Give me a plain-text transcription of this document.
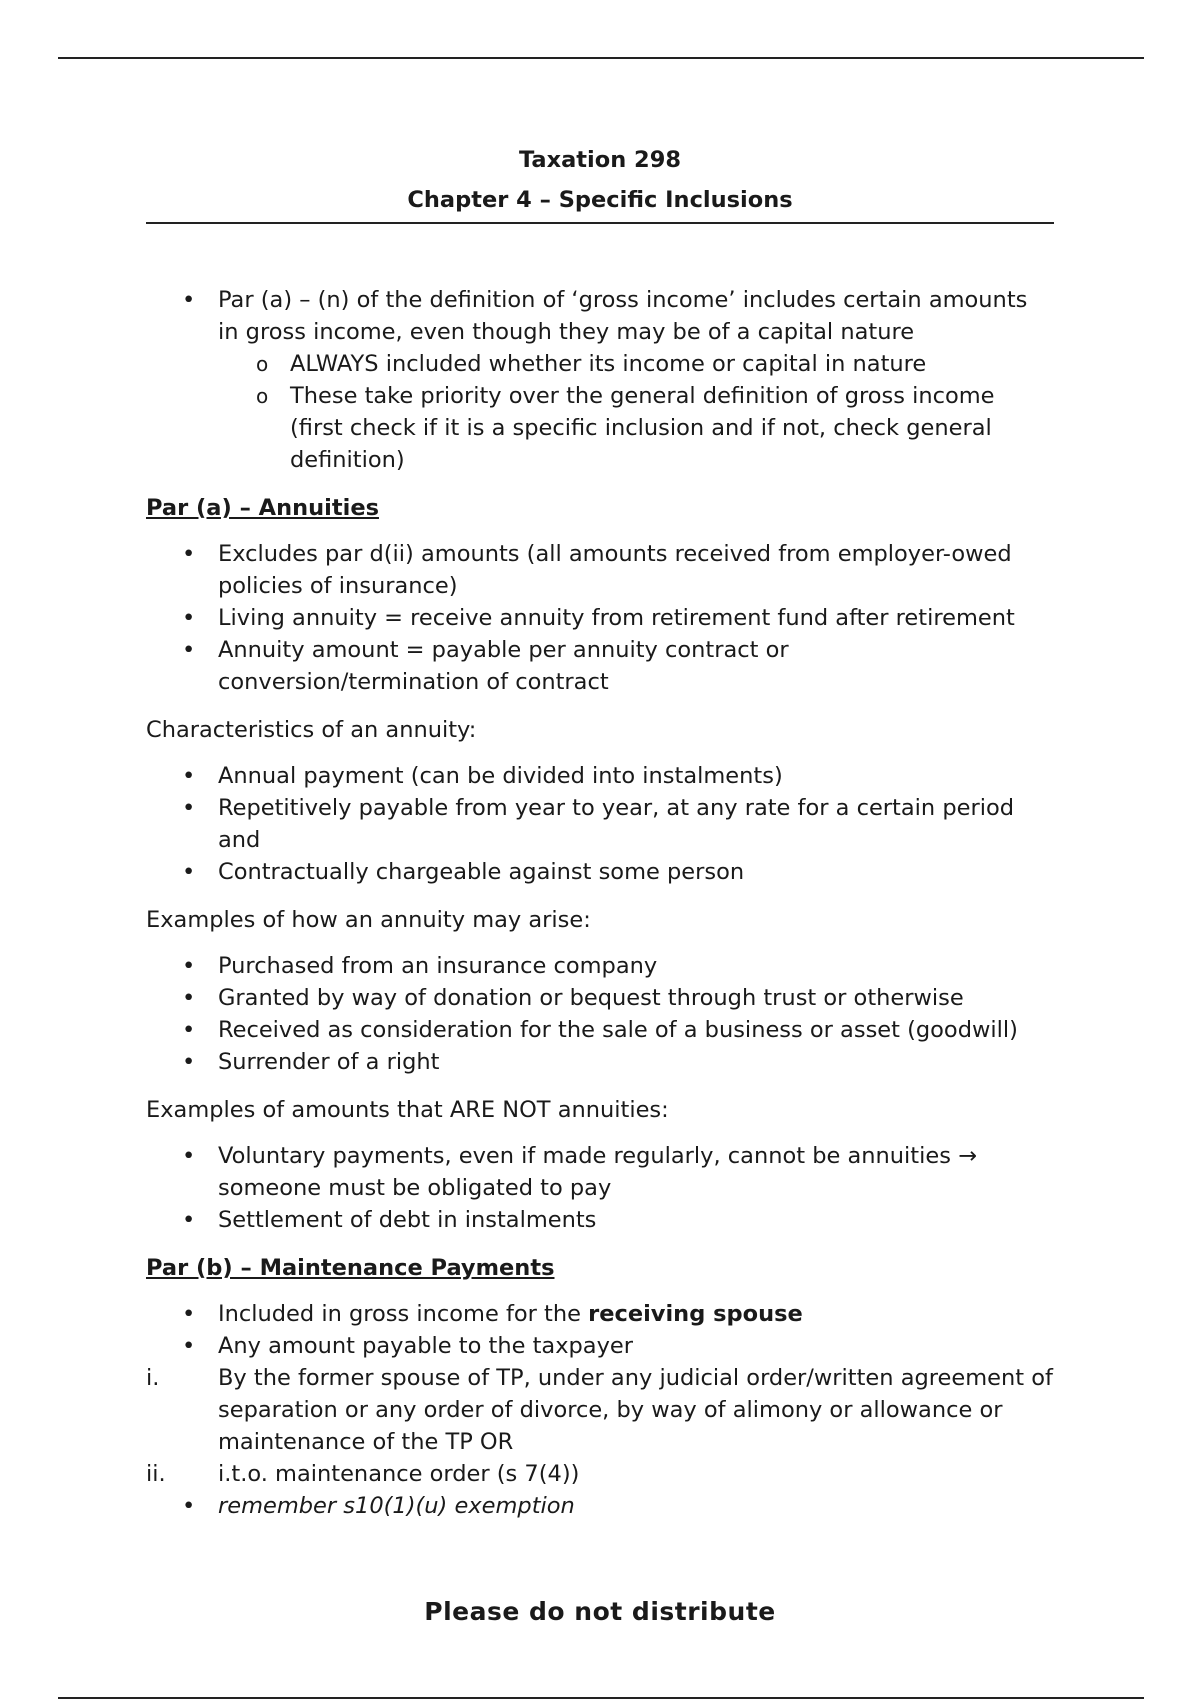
Taxation 298

Chapter 4 – Specific Inclusions

• Par (a) – (n) of the definition of ‘gross income’ includes certain amounts in gross income, even though they may be of a capital nature
o ALWAYS included whether its income or capital in nature
o These take priority over the general definition of gross income (first check if it is a specific inclusion and if not, check general definition)
Par (a) – Annuities
• Excludes par d(ii) amounts (all amounts received from employer-owed policies of insurance)
• Living annuity = receive annuity from retirement fund after retirement
• Annuity amount = payable per annuity contract or conversion/termination of contract

Characteristics of an annuity:

• Annual payment (can be divided into instalments)
• Repetitively payable from year to year, at any rate for a certain period and
• Contractually chargeable against some person

Examples of how an annuity may arise:

• Purchased from an insurance company
• Granted by way of donation or bequest through trust or otherwise
• Received as consideration for the sale of a business or asset (goodwill)
• Surrender of a right

Examples of amounts that ARE NOT annuities:

• Voluntary payments, even if made regularly, cannot be annuities → someone must be obligated to pay
• Settlement of debt in instalments
Par (b) – Maintenance Payments
• Included in gross income for the receiving spouse
• Any amount payable to the taxpayer
i.	By the former spouse of TP, under any judicial order/written agreement of separation or any order of divorce, by way of alimony or allowance or maintenance of the TP OR
ii. i.t.o. maintenance order (s 7(4))
• remember s10(1)(u) exemption
Please do not distribute
